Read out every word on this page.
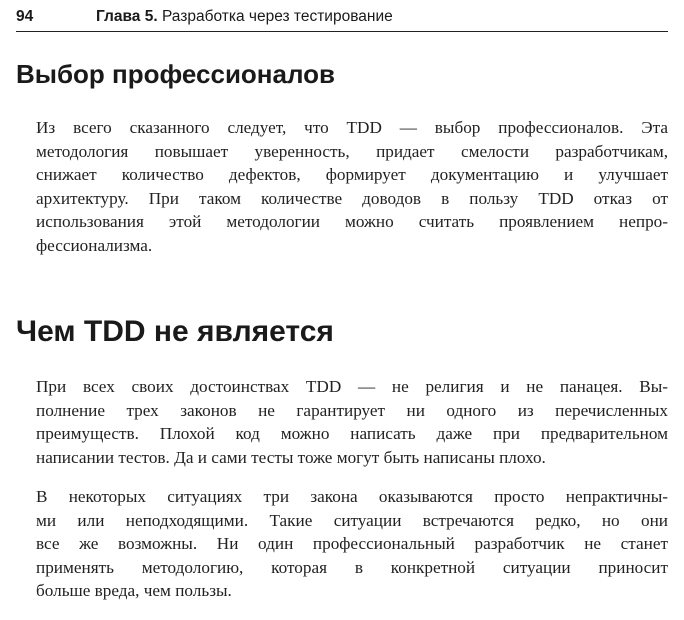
94	Глава 5. Разработка через тестирование
Выбор профессионалов

Из всего сказанного следует, что TDD — выбор профессионалов. Эта
методология повышает уверенность, придает смелости разработчикам,
снижает количество дефектов, формирует документацию и улучшает
архитектуру. При таком количестве доводов в пользу TDD отказ от
использования этой методологии можно считать проявлением непро-
фессионализма.

Чем TDD не является

При всех своих достоинствах TDD — не религия и не панацея. Вы-
полнение трех законов не гарантирует ни одного из перечисленных
преимуществ. Плохой код можно написать даже при предварительном
написании тестов. Да и сами тесты тоже могут быть написаны плохо.

В некоторых ситуациях три закона оказываются просто непрактичны-
ми или неподходящими. Такие ситуации встречаются редко, но они
все же возможны. Ни один профессиональный разработчик не станет
применять методологию, которая в конкретной ситуации приносит
больше вреда, чем пользы.
